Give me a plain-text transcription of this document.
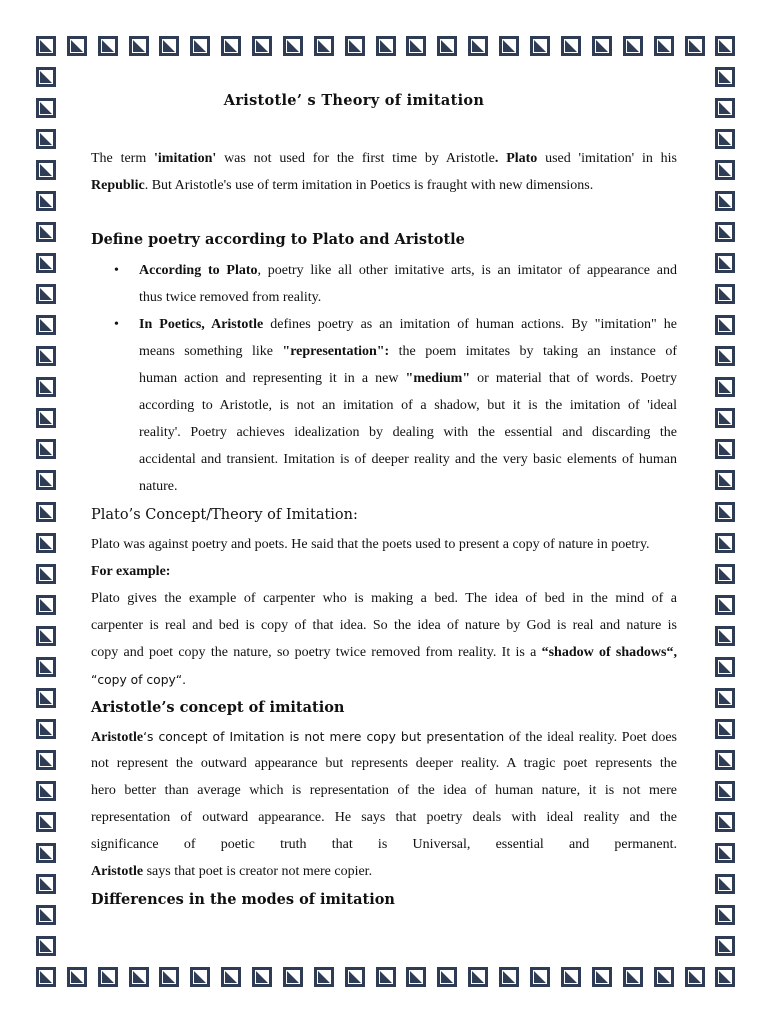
Aristotle’ s Theory of imitation

The term 'imitation' was not used for the first time by Aristotle. Plato used 'imitation' in his

Republic. But Aristotle's use of term imitation in Poetics is fraught with new dimensions.

Define poetry according to Plato and Aristotle
• According to Plato, poetry like all other imitative arts, is an imitator of appearance and

thus twice removed from reality.

• In Poetics, Aristotle defines poetry as an imitation of human actions. By "imitation" he

means something like "representation": the poem imitates by taking an instance of

human action and representing it in a new "medium" or material that of words. Poetry

according to Aristotle, is not an imitation of a shadow, but it is the imitation of 'ideal

reality'. Poetry achieves idealization by dealing with the essential and discarding the

accidental and transient. Imitation is of deeper reality and the very basic elements of human

nature.

Plato’s Concept/Theory of Imitation:

Plato was against poetry and poets. He said that the poets used to present a copy of nature in poetry.

For example:

Plato gives the example of carpenter who is making a bed. The idea of bed in the mind of a

carpenter is real and bed is copy of that idea. So the idea of nature by God is real and nature is

copy and poet copy the nature, so poetry twice removed from reality. It is a “shadow of shadows“,

“copy of copy“.

Aristotle’s concept of imitation

Aristotle‘s concept of Imitation is not mere copy but presentation of the ideal reality. Poet does

not represent the outward appearance but represents deeper reality. A tragic poet represents the

hero better than average which is representation of the idea of human nature, it is not mere

representation of outward appearance. He says that poetry deals with ideal reality and the

significance of poetic truth that is Universal, essential and permanent.

Aristotle says that poet is creator not mere copier.

Differences in the modes of imitation
